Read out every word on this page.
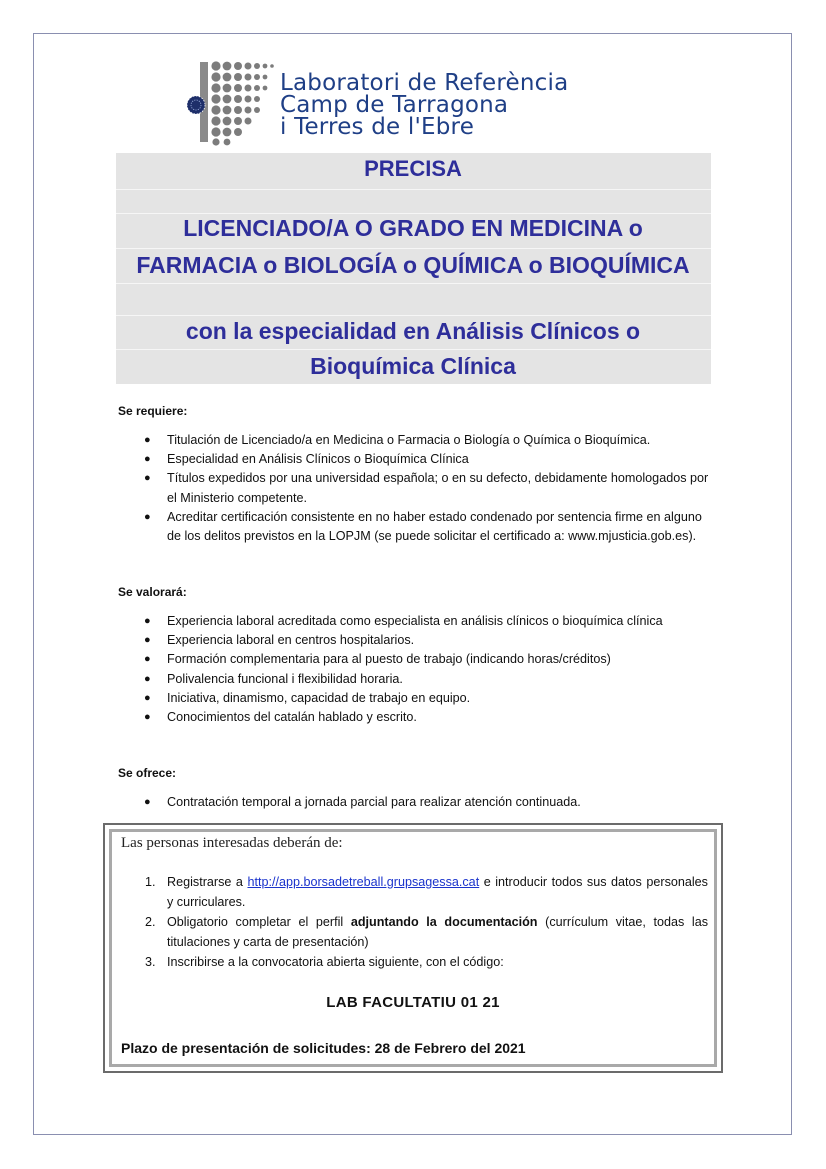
Laboratori de Referència
Camp de Tarragona
i Terres de l'Ebre
PRECISA
LICENCIADO/A O GRADO EN MEDICINA o
FARMACIA o BIOLOGÍA o QUÍMICA o BIOQUÍMICA
con la especialidad en Análisis Clínicos o
Bioquímica Clínica
Se requiere:
● Titulación de Licenciado/a en Medicina o Farmacia o Biología o Química o Bioquímica.
● Especialidad en Análisis Clínicos o Bioquímica Clínica
● Títulos expedidos por una universidad española; o en su defecto, debidamente homologados por el Ministerio competente.
● Acreditar certificación consistente en no haber estado condenado por sentencia firme en alguno de los delitos previstos en la LOPJM (se puede solicitar el certificado a: www.mjusticia.gob.es).
Se valorará:
● Experiencia laboral acreditada como especialista en análisis clínicos o bioquímica clínica
● Experiencia laboral en centros hospitalarios.
● Formación complementaria para al puesto de trabajo (indicando horas/créditos)
● Polivalencia funcional i flexibilidad horaria.
● Iniciativa, dinamismo, capacidad de trabajo en equipo.
● Conocimientos del catalán hablado y escrito.
Se ofrece:
● Contratación temporal a jornada parcial para realizar atención continuada.
Las personas interesadas deberán de:
1. Registrarse a http://app.borsadetreball.grupsagessa.cat e introducir todos sus datos personales y curriculares.
2. Obligatorio completar el perfil adjuntando la documentación (currículum vitae, todas las titulaciones y carta de presentación)
3. Inscribirse a la convocatoria abierta siguiente, con el código:
LAB FACULTATIU 01 21
Plazo de presentación de solicitudes: 28 de Febrero del 2021
